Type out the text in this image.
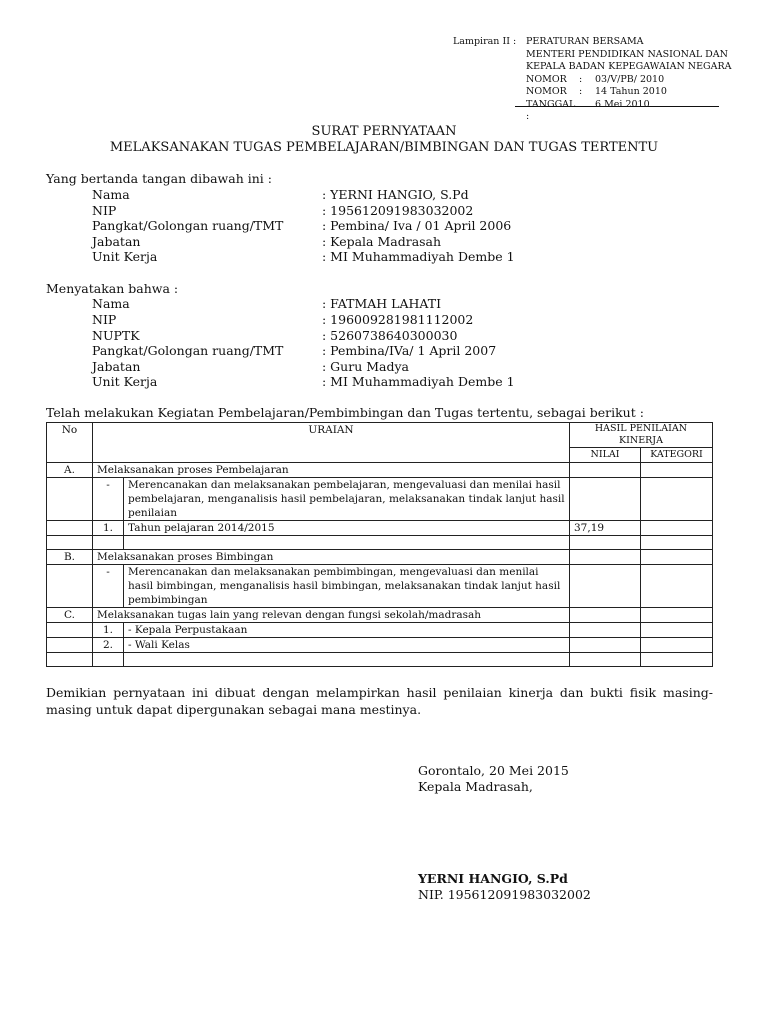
Lampiran II : PERATURAN BERSAMA
MENTERI PENDIDIKAN NASIONAL DAN
KEPALA BADAN KEPEGAWAIAN NEGARA
NOMOR	:	03/V/PB/ 2010
NOMOR	:	14 Tahun 2010
TANGGAL :
6 Mei 2010
SURAT PERNYATAAN
MELAKSANAKAN TUGAS PEMBELAJARAN/BIMBINGAN DAN TUGAS TERTENTU
Yang bertanda tangan dibawah ini :
Nama	: YERNI HANGIO, S.Pd
NIP	: 195612091983032002
Pangkat/Golongan ruang/TMT	: Pembina/ Iva / 01 April 2006
Jabatan	: Kepala Madrasah
Unit Kerja	: MI Muhammadiyah Dembe 1
Menyatakan bahwa :
Nama	: FATMAH LAHATI
NIP	: 196009281981112002
NUPTK	: 5260738640300030
Pangkat/Golongan ruang/TMT	: Pembina/IVa/ 1 April 2007
Jabatan	: Guru Madya
Unit Kerja	: MI Muhammadiyah Dembe 1
Telah melakukan Kegiatan Pembelajaran/Pembimbingan dan Tugas tertentu, sebagai berikut :
No	URAIAN		HASIL PENILAIAN KINERJA	
			NILAI	KATEGORI
A.	Melaksanakan proses Pembelajaran			
	-	Merencanakan dan melaksanakan pembelajaran, mengevaluasi dan menilai hasil pembelajaran, menganalisis hasil pembelajaran, melaksanakan tindak lanjut hasil penilaian		
	1.	Tahun pelajaran 2014/2015	37,19	

B.	Melaksanakan proses Bimbingan			
	-	Merencanakan dan melaksanakan pembimbingan, mengevaluasi dan menilai hasil bimbingan, menganalisis hasil bimbingan, melaksanakan tindak lanjut hasil pembimbingan		
C.	Melaksanakan tugas lain yang relevan dengan fungsi sekolah/madrasah			
	1.	- Kepala Perpustakaan		
	2.	- Wali Kelas		

Demikian pernyataan ini dibuat dengan melampirkan hasil penilaian kinerja dan bukti fisik masing-masing untuk dapat dipergunakan sebagai mana mestinya.
Gorontalo, 20 Mei 2015
Kepala Madrasah,
YERNI HANGIO, S.Pd
NIP. 195612091983032002
